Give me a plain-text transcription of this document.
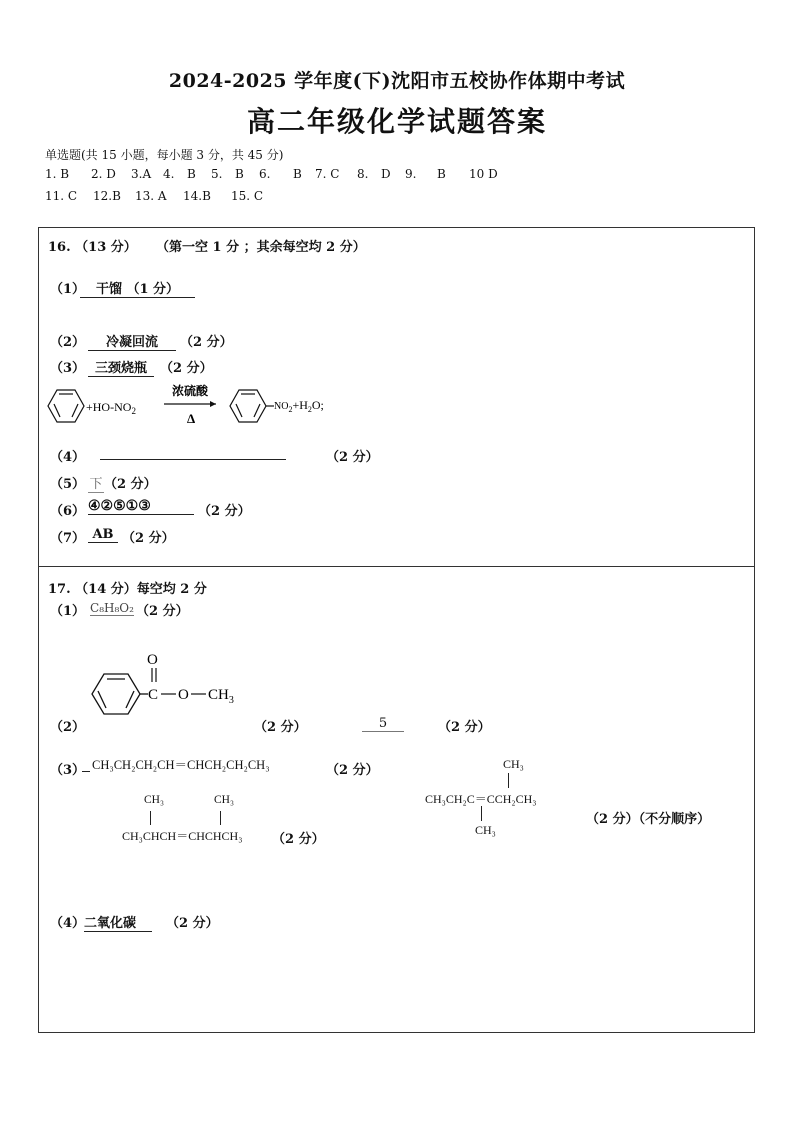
2024-2025 学年度(下)沈阳市五校协作体期中考试
高二年级化学试题答案
单选题(共 15 小题，每小题 3 分，共 45 分)
1. B 2. D 3.A 4. B 5. B 6. B 7. C 8. D 9. B 10 D
11. C 12.B 13. A 14.B 15. C
16. （13 分） （第一空 1 分 ；其余每空均 2 分）
（1） 干馏 （1 分）
（2）	冷凝回流	（2 分）
（3） 三颈烧瓶	（2 分）
$+HO-NO_2$
浓硫酸
Δ
$NO_2+H_2O$;
（4）	（2 分）
（5） 下 （2 分）
（6） ④②⑤①③	（2 分）
（7） AB （2 分）
17. （14 分）每空均 2 分
（1） C₈H₈O₂ （2 分）
O
C O $CH_3$
（2）	（2 分）	5	（2 分）
（3） CH₃CH₂CH₂CH＝CHCH₂CH₂CH₃	（2 分）
CH₃	CH₃
CH₃CHCH＝CHCHCH₃ （2 分）
CH₃
CH₃CH₂C＝CCH₂CH₃
CH₃
（2 分）（不分顺序）
（4）
二氧化碳	（2 分）
